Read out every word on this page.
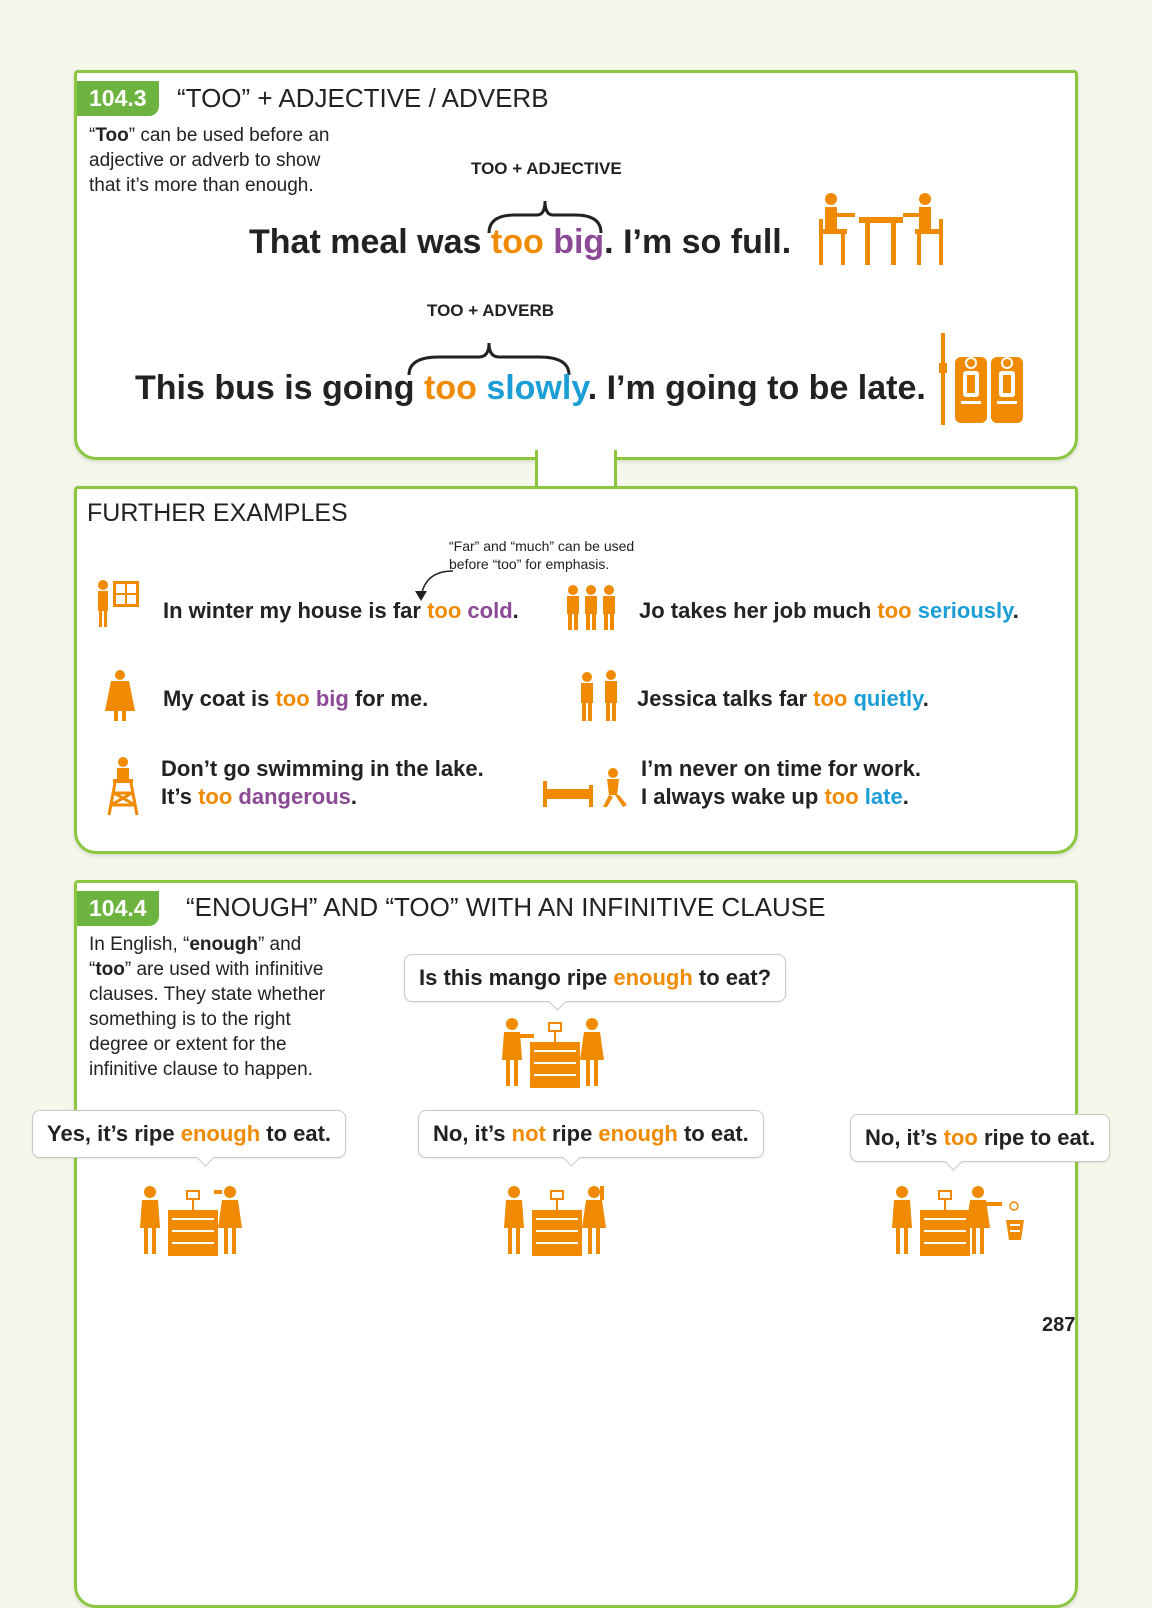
104.3	“TOO” + ADJECTIVE / ADVERB
“Too” can be used before an adjective or adverb to show that it’s more than enough.
TOO + ADJECTIVE
That meal was too big. I’m so full.
TOO + ADVERB
This bus is going too slowly. I’m going to be late.
FURTHER EXAMPLES
“Far” and “much” can be used
before “too” for emphasis.
In winter my house is far too cold.	Jo takes her job much too seriously.
My coat is too big for me.	Jessica talks far too quietly.
Don’t go swimming in the lake.
It’s too dangerous.
I’m never on time for work.
I always wake up too late.
104.4	“ENOUGH” AND “TOO” WITH AN INFINITIVE CLAUSE
In English, “enough” and “too” are used with infinitive clauses. They state whether something is to the right degree or extent for the infinitive clause to happen.
Is this mango ripe enough to eat?
Yes, it’s ripe enough to eat.	No, it’s not ripe enough to eat.	No, it’s too ripe to eat.
287
